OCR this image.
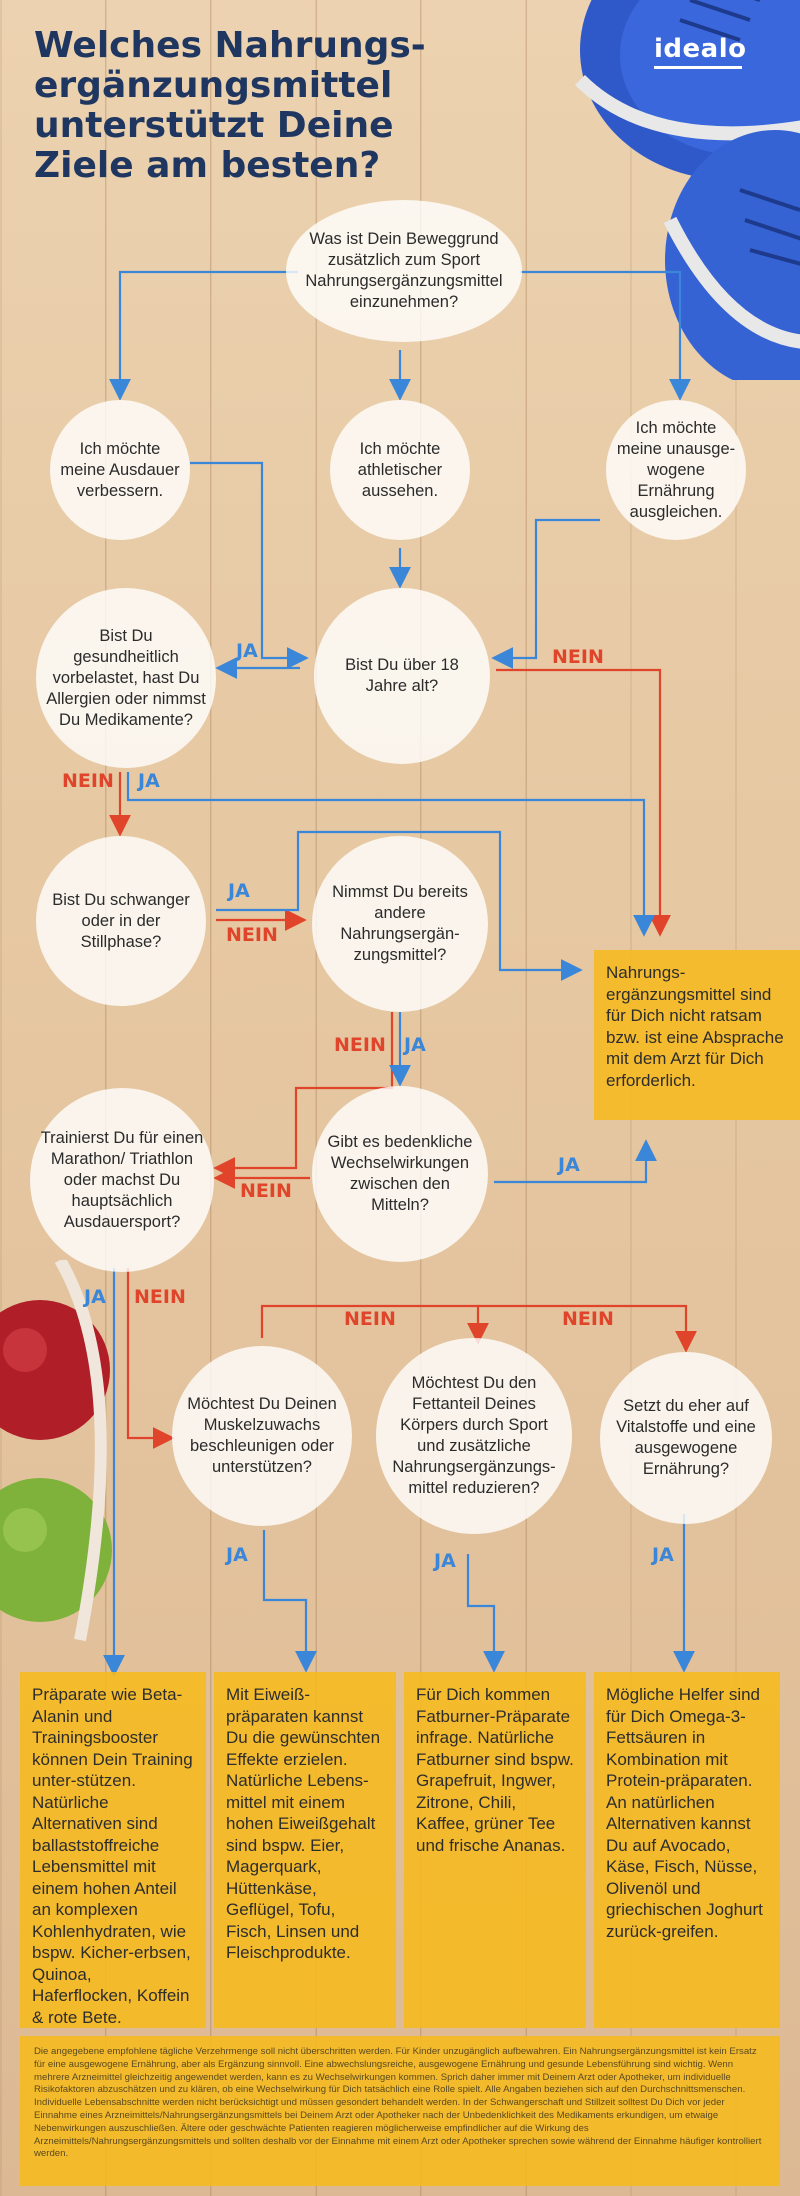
Welches Nahrungs-ergänzungsmittel unterstützt Deine Ziele am besten?
idealo
Was ist Dein Beweggrund zusätzlich zum Sport Nahrungsergänzungsmittel einzunehmen?
Ich möchte meine Ausdauer verbessern.
Ich möchte athletischer aussehen.
Ich möchte meine unausge-wogene Ernährung ausgleichen.
Bist Du gesundheitlich vorbelastet, hast Du Allergien oder nimmst Du Medikamente?
Bist Du über 18 Jahre alt?
Bist Du schwanger oder in der Stillphase?
Nimmst Du bereits andere Nahrungsergän-zungsmittel?
Trainierst Du für einen Marathon/ Triathlon oder machst Du hauptsächlich Ausdauersport?
Gibt es bedenkliche Wechselwirkungen zwischen den Mitteln?
Möchtest Du Deinen Muskelzuwachs beschleunigen oder unterstützen?
Möchtest Du den Fettanteil Deines Körpers durch Sport und zusätzliche Nahrungsergänzungs-mittel reduzieren?
Setzt du eher auf Vitalstoffe und eine ausgewogene Ernährung?
JA	NEIN
NEIN JA
JA
NEIN
NEIN JA
JA
NEIN
JA NEIN
NEIN	NEIN
JA	JA	JA
Nahrungs-ergänzungsmittel sind für Dich nicht ratsam bzw. ist eine Absprache mit dem Arzt für Dich erforderlich.
Präparate wie Beta-Alanin und Trainingsbooster können Dein Training unter-stützen. Natürliche Alternativen sind ballaststoffreiche Lebensmittel mit einem hohen Anteil an komplexen Kohlenhydraten, wie bspw. Kicher-erbsen, Quinoa, Haferflocken, Koffein & rote Bete.
Mit Eiweiß-präparaten kannst Du die gewünschten Effekte erzielen. Natürliche Lebens-mittel mit einem hohen Eiweißgehalt sind bspw. Eier, Magerquark, Hüttenkäse, Geflügel, Tofu, Fisch, Linsen und Fleischprodukte.
Für Dich kommen Fatburner-Präparate infrage. Natürliche Fatburner sind bspw. Grapefruit, Ingwer, Zitrone, Chili, Kaffee, grüner Tee und frische Ananas.
Mögliche Helfer sind für Dich Omega-3-Fettsäuren in Kombination mit Protein-präparaten. An natürlichen Alternativen kannst Du auf Avocado, Käse, Fisch, Nüsse, Olivenöl und griechischen Joghurt zurück-greifen.
Die angegebene empfohlene tägliche Verzehrmenge soll nicht überschritten werden. Für Kinder unzugänglich aufbewahren. Ein Nahrungsergänzungsmittel ist kein Ersatz für eine ausgewogene Ernährung, aber als Ergänzung sinnvoll. Eine abwechslungsreiche, ausgewogene Ernährung und gesunde Lebensführung sind wichtig. Wenn mehrere Arzneimittel gleichzeitig angewendet werden, kann es zu Wechselwirkungen kommen. Sprich daher immer mit Deinem Arzt oder Apotheker, um individuelle Risikofaktoren abzuschätzen und zu klären, ob eine Wechselwirkung für Dich tatsächlich eine Rolle spielt. Alle Angaben beziehen sich auf den Durchschnittsmenschen. Individuelle Lebensabschnitte werden nicht berücksichtigt und müssen gesondert behandelt werden. In der Schwangerschaft und Stillzeit solltest Du Dich vor jeder Einnahme eines Arzneimittels/Nahrungsergänzungsmittels bei Deinem Arzt oder Apotheker nach der Unbedenklichkeit des Medikaments erkundigen, um etwaige Nebenwirkungen auszuschließen. Ältere oder geschwächte Patienten reagieren möglicherweise empfindlicher auf die Wirkung des Arzneimittels/Nahrungsergänzungsmittels und sollten deshalb vor der Einnahme mit einem Arzt oder Apotheker sprechen sowie während der Einnahme häufiger kontrolliert werden.
